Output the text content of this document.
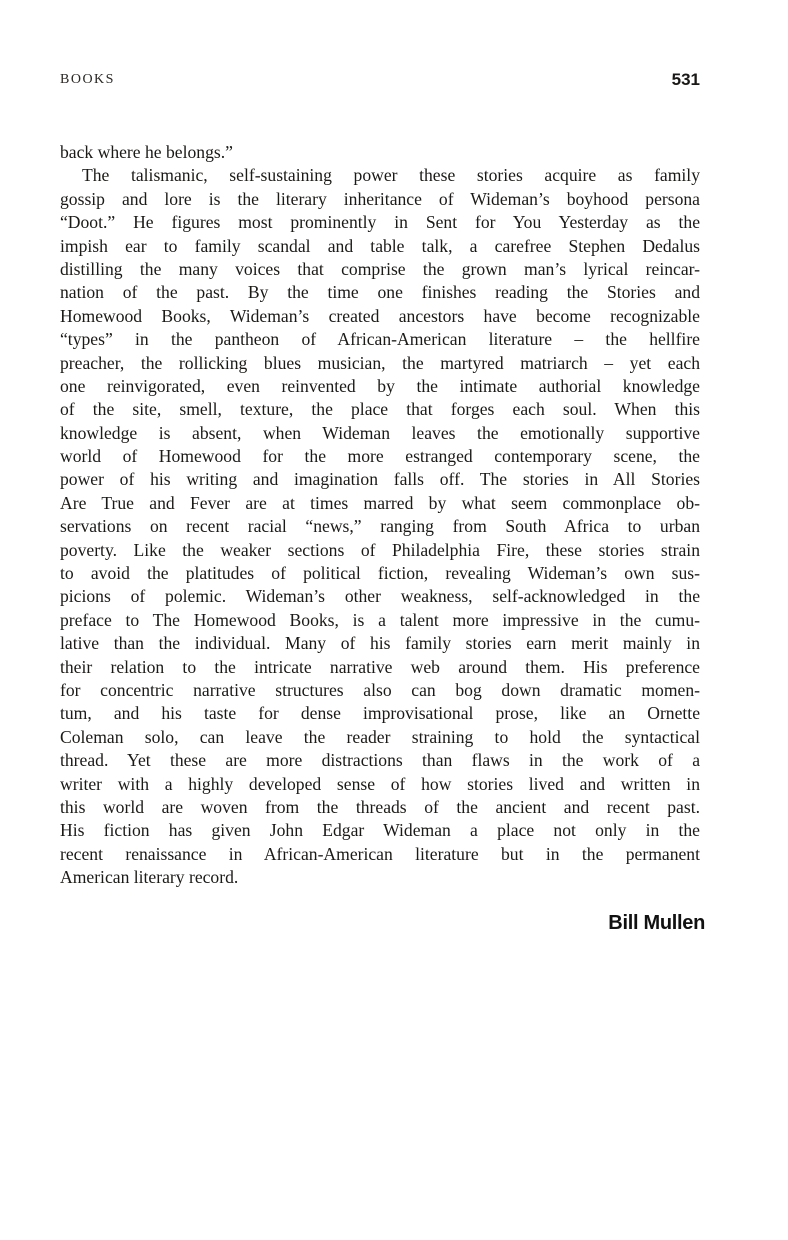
BOOKS	531
back where he belongs.”
The talismanic, self-sustaining power these stories acquire as family
gossip and lore is the literary inheritance of Wideman’s boyhood persona
“Doot.” He figures most prominently in Sent for You Yesterday as the
impish ear to family scandal and table talk, a carefree Stephen Dedalus
distilling the many voices that comprise the grown man’s lyrical reincar-
nation of the past. By the time one finishes reading the Stories and
Homewood Books, Wideman’s created ancestors have become recognizable
“types” in the pantheon of African-American literature – the hellfire
preacher, the rollicking blues musician, the martyred matriarch – yet each
one reinvigorated, even reinvented by the intimate authorial knowledge
of the site, smell, texture, the place that forges each soul. When this
knowledge is absent, when Wideman leaves the emotionally supportive
world of Homewood for the more estranged contemporary scene, the
power of his writing and imagination falls off. The stories in All Stories
Are True and Fever are at times marred by what seem commonplace ob-
servations on recent racial “news,” ranging from South Africa to urban
poverty. Like the weaker sections of Philadelphia Fire, these stories strain
to avoid the platitudes of political fiction, revealing Wideman’s own sus-
picions of polemic. Wideman’s other weakness, self-acknowledged in the
preface to The Homewood Books, is a talent more impressive in the cumu-
lative than the individual. Many of his family stories earn merit mainly in
their relation to the intricate narrative web around them. His preference
for concentric narrative structures also can bog down dramatic momen-
tum, and his taste for dense improvisational prose, like an Ornette
Coleman solo, can leave the reader straining to hold the syntactical
thread. Yet these are more distractions than flaws in the work of a
writer with a highly developed sense of how stories lived and written in
this world are woven from the threads of the ancient and recent past.
His fiction has given John Edgar Wideman a place not only in the
recent renaissance in African-American literature but in the permanent
American literary record.
Bill Mullen
